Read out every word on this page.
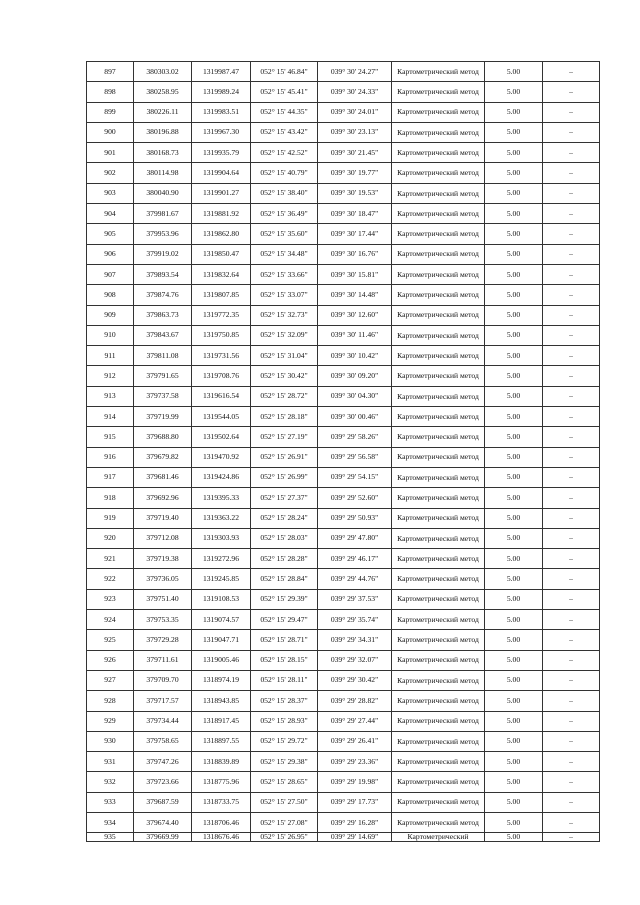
897	380303.02	1319987.47	052° 15' 46.84"	039° 30' 24.27"	Картометрический метод	5.00	–
898	380258.95	1319989.24	052° 15' 45.41"	039° 30' 24.33"	Картометрический метод	5.00	–
899	380226.11	1319983.51	052° 15' 44.35"	039° 30' 24.01"	Картометрический метод	5.00	–
900	380196.88	1319967.30	052° 15' 43.42"	039° 30' 23.13"	Картометрический метод	5.00	–
901	380168.73	1319935.79	052° 15' 42.52"	039° 30' 21.45"	Картометрический метод	5.00	–
902	380114.98	1319904.64	052° 15' 40.79"	039° 30' 19.77"	Картометрический метод	5.00	–
903	380040.90	1319901.27	052° 15' 38.40"	039° 30' 19.53"	Картометрический метод	5.00	–
904	379981.67	1319881.92	052° 15' 36.49"	039° 30' 18.47"	Картометрический метод	5.00	–
905	379953.96	1319862.80	052° 15' 35.60"	039° 30' 17.44"	Картометрический метод	5.00	–
906	379919.02	1319850.47	052° 15' 34.48"	039° 30' 16.76"	Картометрический метод	5.00	–
907	379893.54	1319832.64	052° 15' 33.66"	039° 30' 15.81"	Картометрический метод	5.00	–
908	379874.76	1319807.85	052° 15' 33.07"	039° 30' 14.48"	Картометрический метод	5.00	–
909	379863.73	1319772.35	052° 15' 32.73"	039° 30' 12.60"	Картометрический метод	5.00	–
910	379843.67	1319750.85	052° 15' 32.09"	039° 30' 11.46"	Картометрический метод	5.00	–
911	379811.08	1319731.56	052° 15' 31.04"	039° 30' 10.42"	Картометрический метод	5.00	–
912	379791.65	1319708.76	052° 15' 30.42"	039° 30' 09.20"	Картометрический метод	5.00	–
913	379737.58	1319616.54	052° 15' 28.72"	039° 30' 04.30"	Картометрический метод	5.00	–
914	379719.99	1319544.05	052° 15' 28.18"	039° 30' 00.46"	Картометрический метод	5.00	–
915	379688.80	1319502.64	052° 15' 27.19"	039° 29' 58.26"	Картометрический метод	5.00	–
916	379679.82	1319470.92	052° 15' 26.91"	039° 29' 56.58"	Картометрический метод	5.00	–
917	379681.46	1319424.86	052° 15' 26.99"	039° 29' 54.15"	Картометрический метод	5.00	–
918	379692.96	1319395.33	052° 15' 27.37"	039° 29' 52.60"	Картометрический метод	5.00	–
919	379719.40	1319363.22	052° 15' 28.24"	039° 29' 50.93"	Картометрический метод	5.00	–
920	379712.08	1319303.93	052° 15' 28.03"	039° 29' 47.80"	Картометрический метод	5.00	–
921	379719.38	1319272.96	052° 15' 28.28"	039° 29' 46.17"	Картометрический метод	5.00	–
922	379736.05	1319245.85	052° 15' 28.84"	039° 29' 44.76"	Картометрический метод	5.00	–
923	379751.40	1319108.53	052° 15' 29.39"	039° 29' 37.53"	Картометрический метод	5.00	–
924	379753.35	1319074.57	052° 15' 29.47"	039° 29' 35.74"	Картометрический метод	5.00	–
925	379729.28	1319047.71	052° 15' 28.71"	039° 29' 34.31"	Картометрический метод	5.00	–
926	379711.61	1319005.46	052° 15' 28.15"	039° 29' 32.07"	Картометрический метод	5.00	–
927	379709.70	1318974.19	052° 15' 28.11"	039° 29' 30.42"	Картометрический метод	5.00	–
928	379717.57	1318943.85	052° 15' 28.37"	039° 29' 28.82"	Картометрический метод	5.00	–
929	379734.44	1318917.45	052° 15' 28.93"	039° 29' 27.44"	Картометрический метод	5.00	–
930	379758.65	1318897.55	052° 15' 29.72"	039° 29' 26.41"	Картометрический метод	5.00	–
931	379747.26	1318839.89	052° 15' 29.38"	039° 29' 23.36"	Картометрический метод	5.00	–
932	379723.66	1318775.96	052° 15' 28.65"	039° 29' 19.98"	Картометрический метод	5.00	–
933	379687.59	1318733.75	052° 15' 27.50"	039° 29' 17.73"	Картометрический метод	5.00	–
934	379674.40	1318706.46	052° 15' 27.08"	039° 29' 16.28"	Картометрический метод	5.00	–
935	379669.99	1318676.46	052° 15' 26.95"	039° 29' 14.69"	Картометрический	5.00	–
